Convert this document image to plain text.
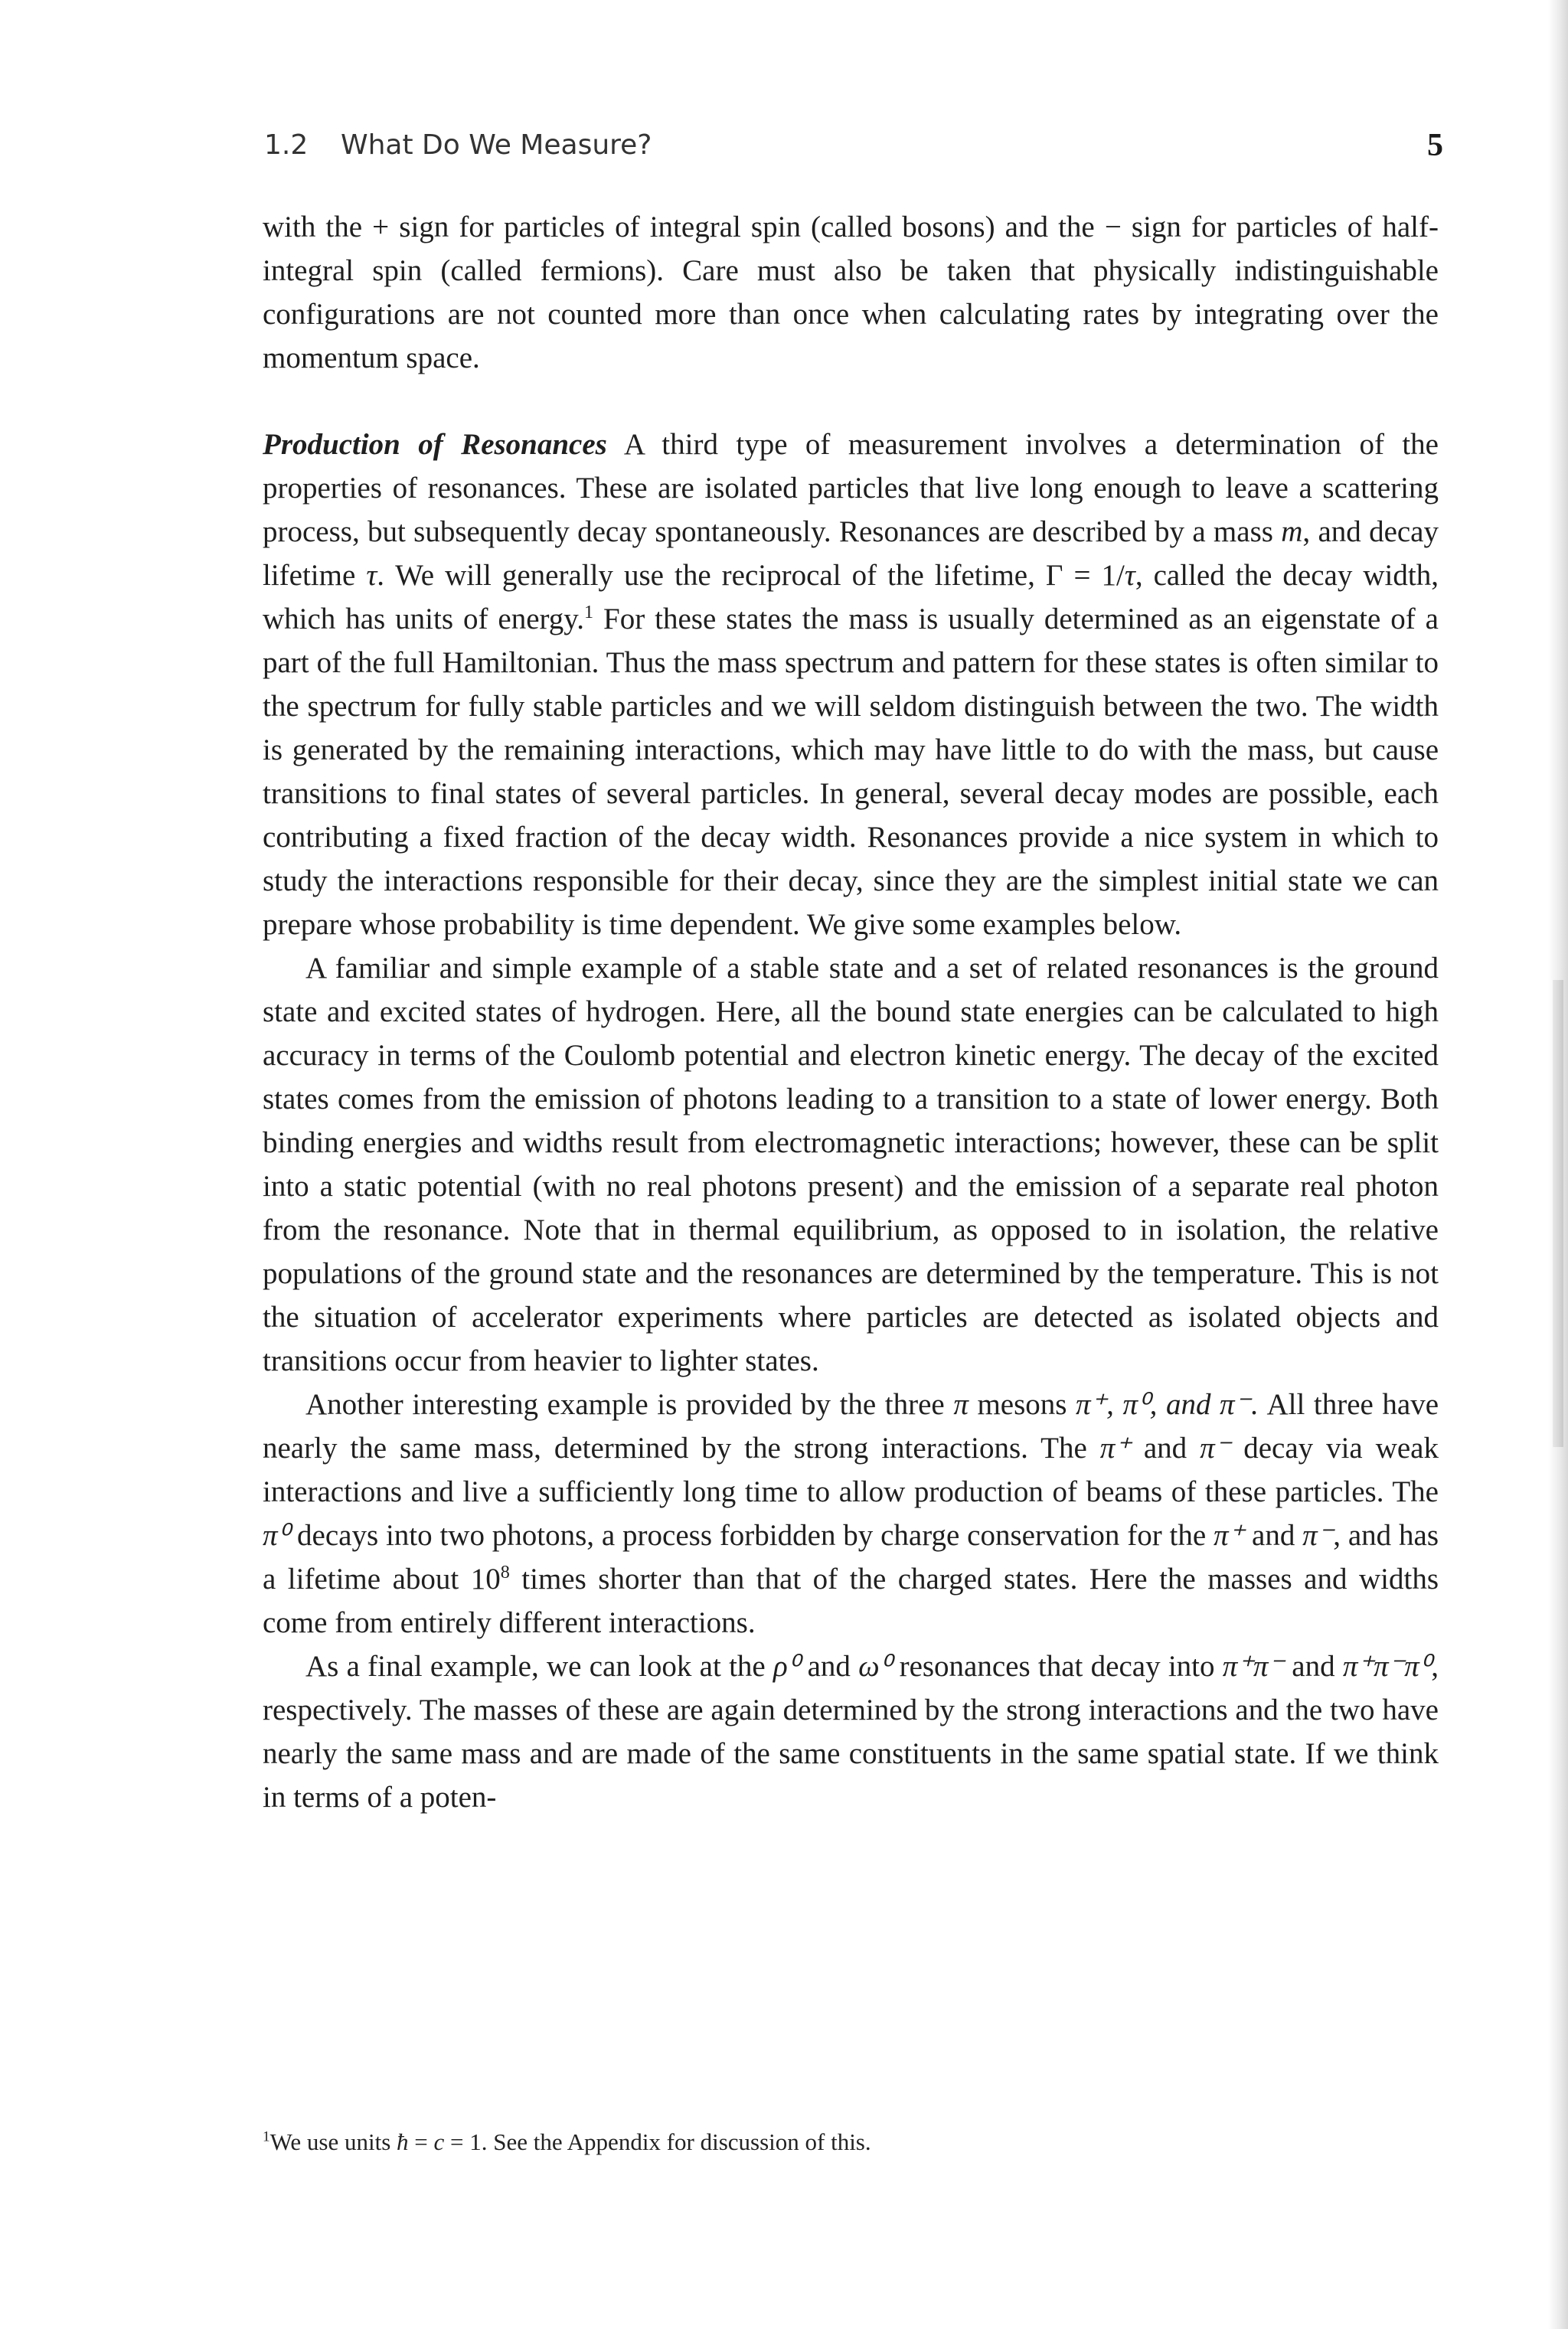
1.2 What Do We Measure?	5

with the + sign for particles of integral spin (called bosons) and the − sign for particles of half-integral spin (called fermions). Care must also be taken that physically indistinguishable configurations are not counted more than once when calculating rates by integrating over the momentum space.

Production of Resonances A third type of measurement involves a determination of the properties of resonances. These are isolated particles that live long enough to leave a scattering process, but subsequently decay spontaneously. Resonances are described by a mass m, and decay lifetime τ. We will generally use the reciprocal of the lifetime, Γ = 1/τ, called the decay width, which has units of energy.$^1$ For these states the mass is usually determined as an eigenstate of a part of the full Hamiltonian. Thus the mass spectrum and pattern for these states is often similar to the spectrum for fully stable particles and we will seldom distinguish between the two. The width is generated by the remaining interactions, which may have little to do with the mass, but cause transitions to final states of several particles. In general, several decay modes are possible, each contributing a fixed fraction of the decay width. Resonances provide a nice system in which to study the interactions responsible for their decay, since they are the simplest initial state we can prepare whose probability is time dependent. We give some examples below.

A familiar and simple example of a stable state and a set of related resonances is the ground state and excited states of hydrogen. Here, all the bound state energies can be calculated to high accuracy in terms of the Coulomb potential and electron kinetic energy. The decay of the excited states comes from the emission of photons leading to a transition to a state of lower energy. Both binding energies and widths result from electromagnetic interactions; however, these can be split into a static potential (with no real photons present) and the emission of a separate real photon from the resonance. Note that in thermal equilibrium, as opposed to in isolation, the relative populations of the ground state and the resonances are determined by the temperature. This is not the situation of accelerator experiments where particles are detected as isolated objects and transitions occur from heavier to lighter states.

Another interesting example is provided by the three π mesons π⁺, π⁰, and π⁻. All three have nearly the same mass, determined by the strong interactions. The π⁺ and π⁻ decay via weak interactions and live a sufficiently long time to allow production of beams of these particles. The π⁰ decays into two photons, a process forbidden by charge conservation for the π⁺ and π⁻, and has a lifetime about $10^8$ times shorter than that of the charged states. Here the masses and widths come from entirely different interactions.

As a final example, we can look at the ρ⁰ and ω⁰ resonances that decay into π⁺π⁻ and π⁺π⁻π⁰, respectively. The masses of these are again determined by the strong interactions and the two have nearly the same mass and are made of the same constituents in the same spatial state. If we think in terms of a poten-

$^1$We use units ħ = c = 1. See the Appendix for discussion of this.
